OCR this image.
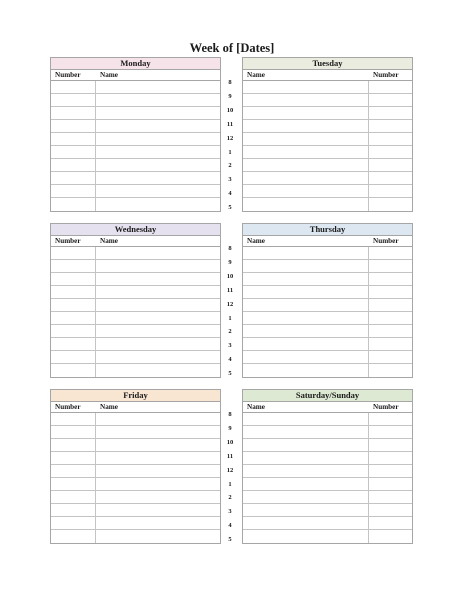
Week of [Dates]
Monday
Number	Name
8
9
10
11
12
1
2
3
4
5
Tuesday
Name	Number
Wednesday
Number	Name
8
9
10
11
12
1
2
3
4
5
Thursday
Name	Number
Friday
Number	Name
8
9
10
11
12
1
2
3
4
5
Saturday/Sunday
Name	Number
